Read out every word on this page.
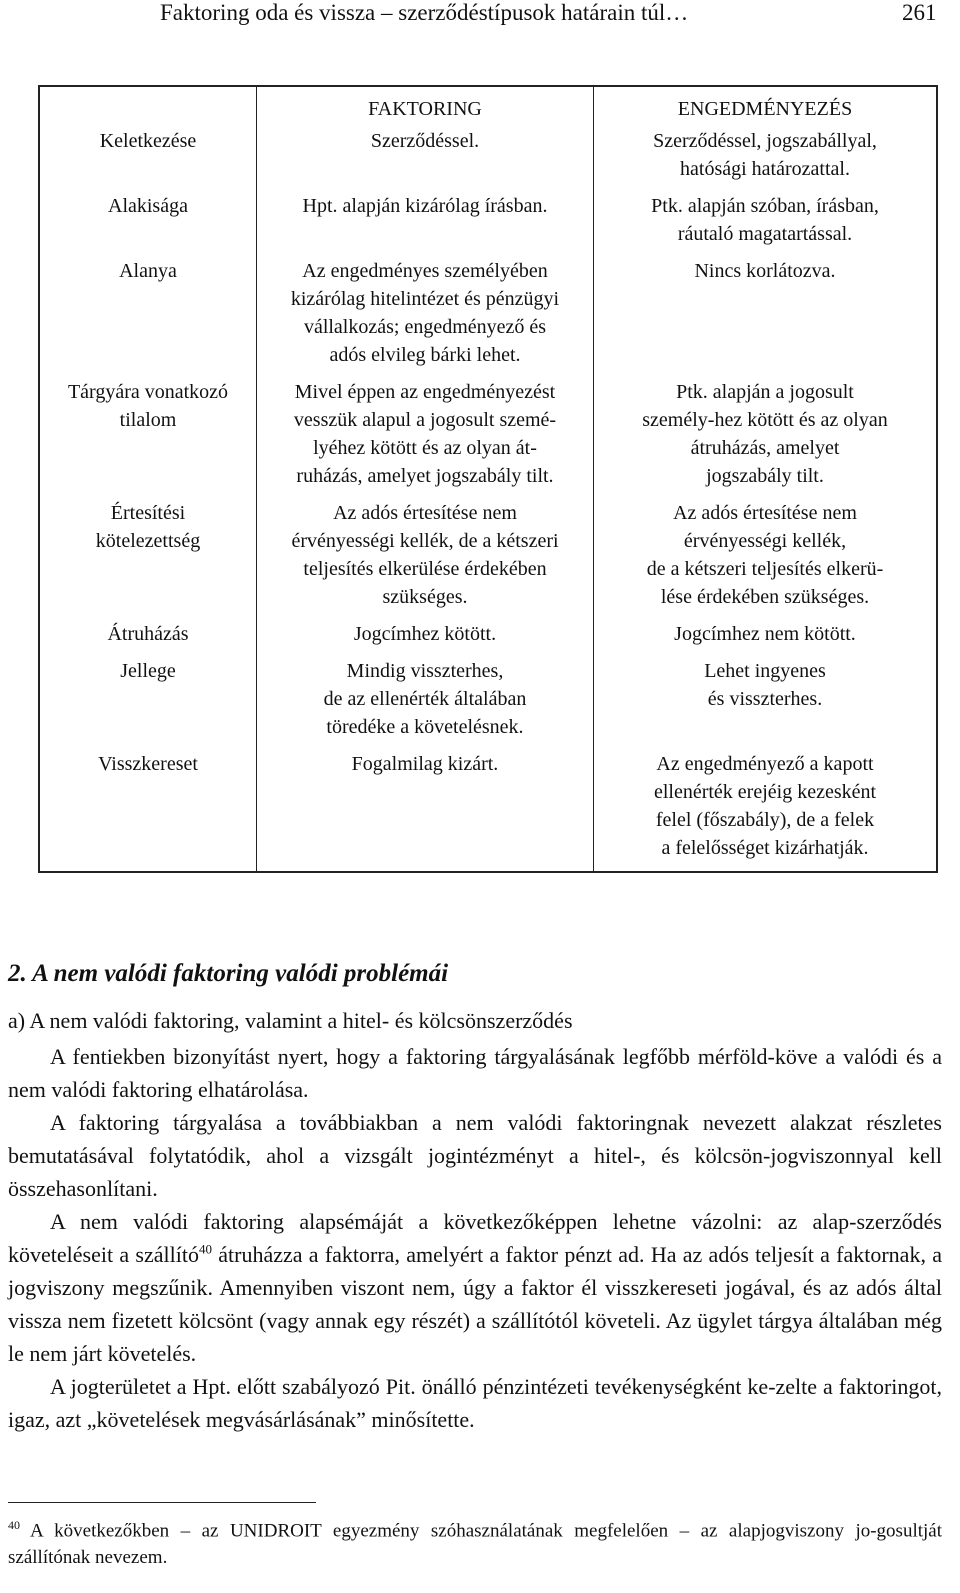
Faktoring oda és vissza – szerződéstípusok határain túl…	261
	FAKTORING	ENGEDMÉNYEZÉS

Keletkezése	Szerződéssel.	Szerződéssel, jogszabállyal,
hatósági határozattal.

Alakisága	Hpt. alapján kizárólag írásban.	Ptk. alapján szóban, írásban,
ráutaló magatartással.

Alanya	Az engedményes személyében
kizárólag hitelintézet és pénzügyi
vállalkozás; engedményező és
adós elvileg bárki lehet.	Nincs korlátozva.

Tárgyára vonatkozó
tilalom	Mivel éppen az engedményezést
vesszük alapul a jogosult szemé-
lyéhez kötött és az olyan át-
ruházás, amelyet jogszabály tilt.	Ptk. alapján a jogosult
személy-hez kötött és az olyan
átruházás, amelyet
jogszabály tilt.

Értesítési
kötelezettség	Az adós értesítése nem
érvényességi kellék, de a kétszeri
teljesítés elkerülése érdekében
szükséges.	Az adós értesítése nem
érvényességi kellék,
de a kétszeri teljesítés elkerü-
lése érdekében szükséges.

Átruházás	Jogcímhez kötött.	Jogcímhez nem kötött.

Jellege	Mindig visszterhes,
de az ellenérték általában
töredéke a követelésnek.	Lehet ingyenes
és visszterhes.

Visszkereset	Fogalmilag kizárt.	Az engedményező a kapott
ellenérték erejéig kezesként
felel (főszabály), de a felek
a felelősséget kizárhatják.
2. A nem valódi faktoring valódi problémái
a) A nem valódi faktoring, valamint a hitel- és kölcsönszerződés

A fentiekben bizonyítást nyert, hogy a faktoring tárgyalásának legfőbb mérföld-köve a valódi és a nem valódi faktoring elhatárolása.

A faktoring tárgyalása a továbbiakban a nem valódi faktoringnak nevezett alakzat részletes bemutatásával folytatódik, ahol a vizsgált jogintézményt a hitel-, és kölcsön-jogviszonnyal kell összehasonlítani.

A nem valódi faktoring alapsémáját a következőképpen lehetne vázolni: az alap-szerződés követeléseit a szállító$^{40}$ átruházza a faktorra, amelyért a faktor pénzt ad. Ha az adós teljesít a faktornak, a jogviszony megszűnik. Amennyiben viszont nem, úgy a faktor él visszkereseti jogával, és az adós által vissza nem fizetett kölcsönt (vagy annak egy részét) a szállítótól követeli. Az ügylet tárgya általában még le nem járt követelés.

A jogterületet a Hpt. előtt szabályozó Pit. önálló pénzintézeti tevékenységként ke-zelte a faktoringot, igaz, azt „követelések megvásárlásának” minősítette.

$^{40}$ A következőkben – az UNIDROIT egyezmény szóhasználatának megfelelően – az alapjogviszony jo-gosultját szállítónak nevezem.
